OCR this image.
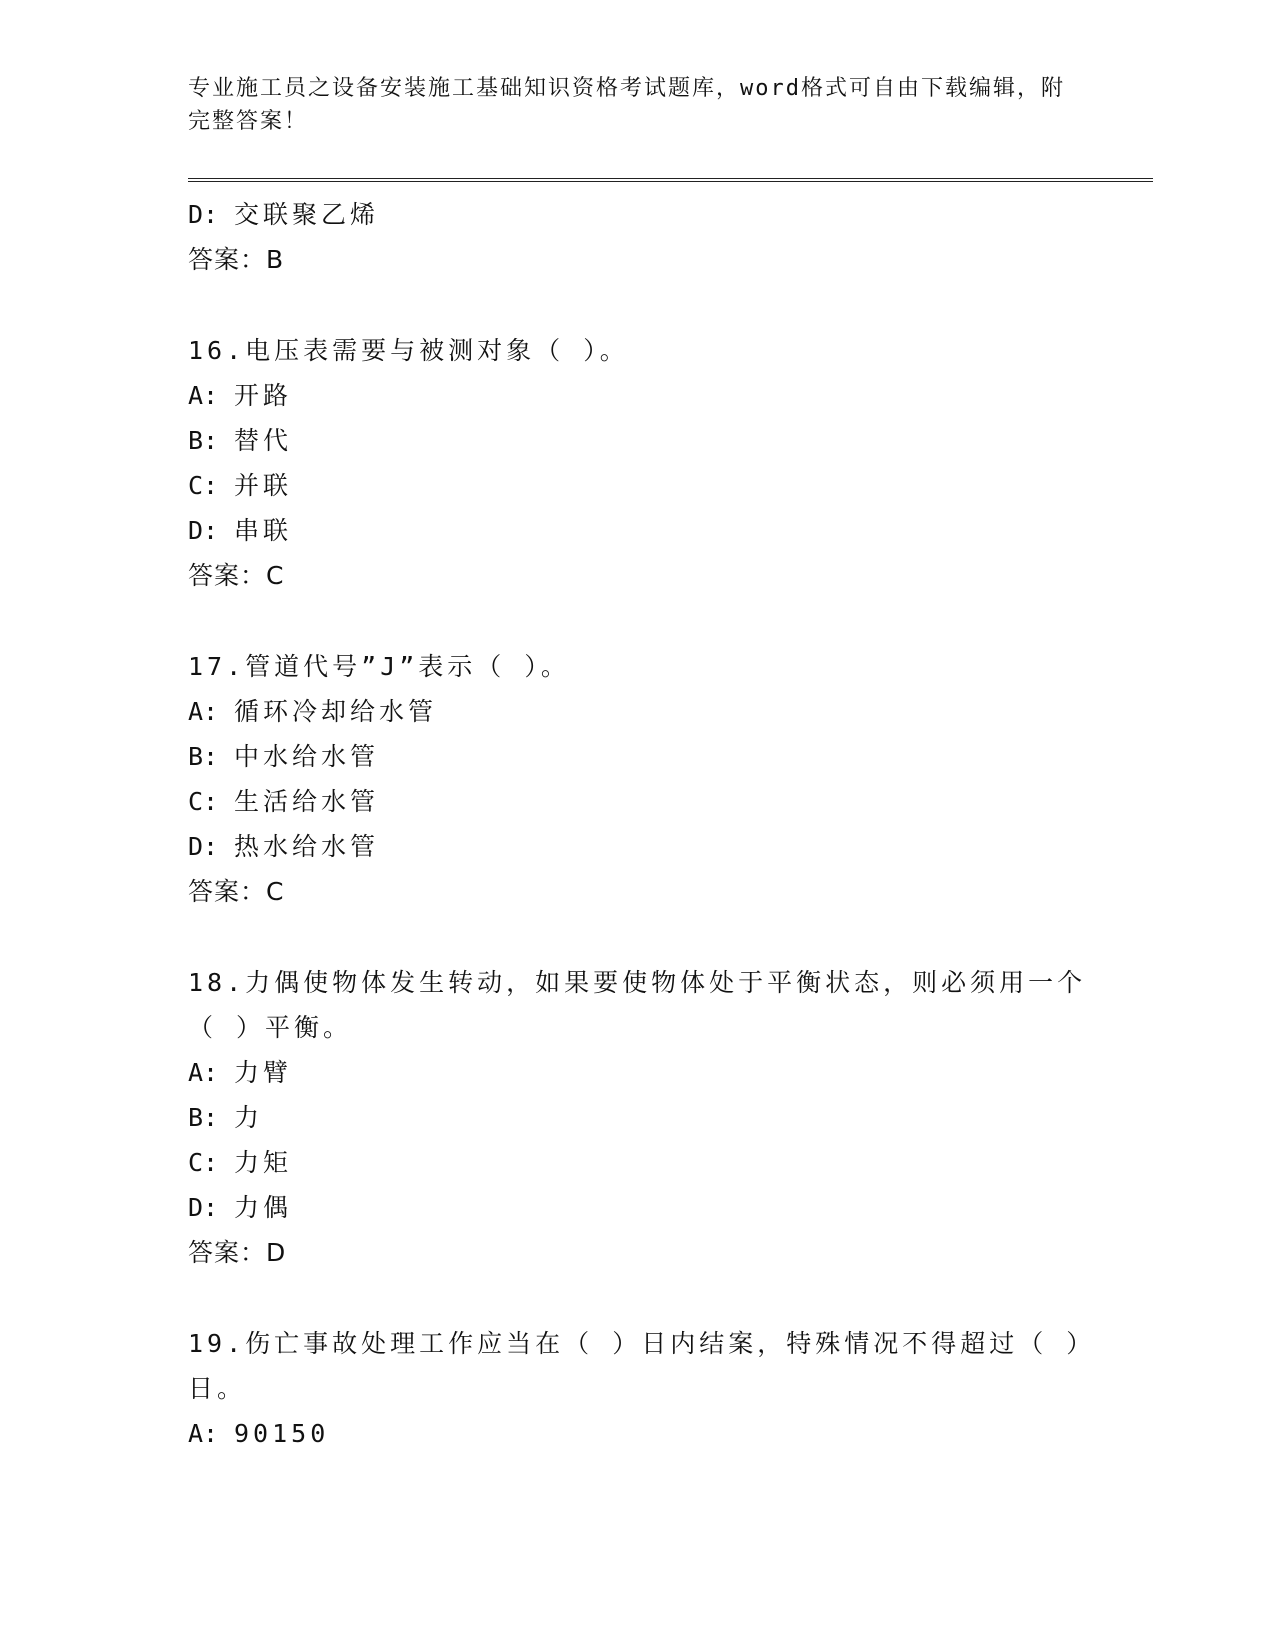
专业施工员之设备安装施工基础知识资格考试题库，word格式可自由下载编辑，附完整答案！
D: 交联聚乙烯
答案：B
16.电压表需要与被测对象（ ）。
A: 开路
B: 替代
C: 并联
D: 串联
答案：C
17.管道代号”J”表示（ ）。
A: 循环冷却给水管
B: 中水给水管
C: 生活给水管
D: 热水给水管
答案：C
18.力偶使物体发生转动，如果要使物体处于平衡状态，则必须用一个（ ）平衡。
A: 力臂
B: 力
C: 力矩
D: 力偶
答案：D
19.伤亡事故处理工作应当在（ ）日内结案，特殊情况不得超过（ ）日。
A: 90150
